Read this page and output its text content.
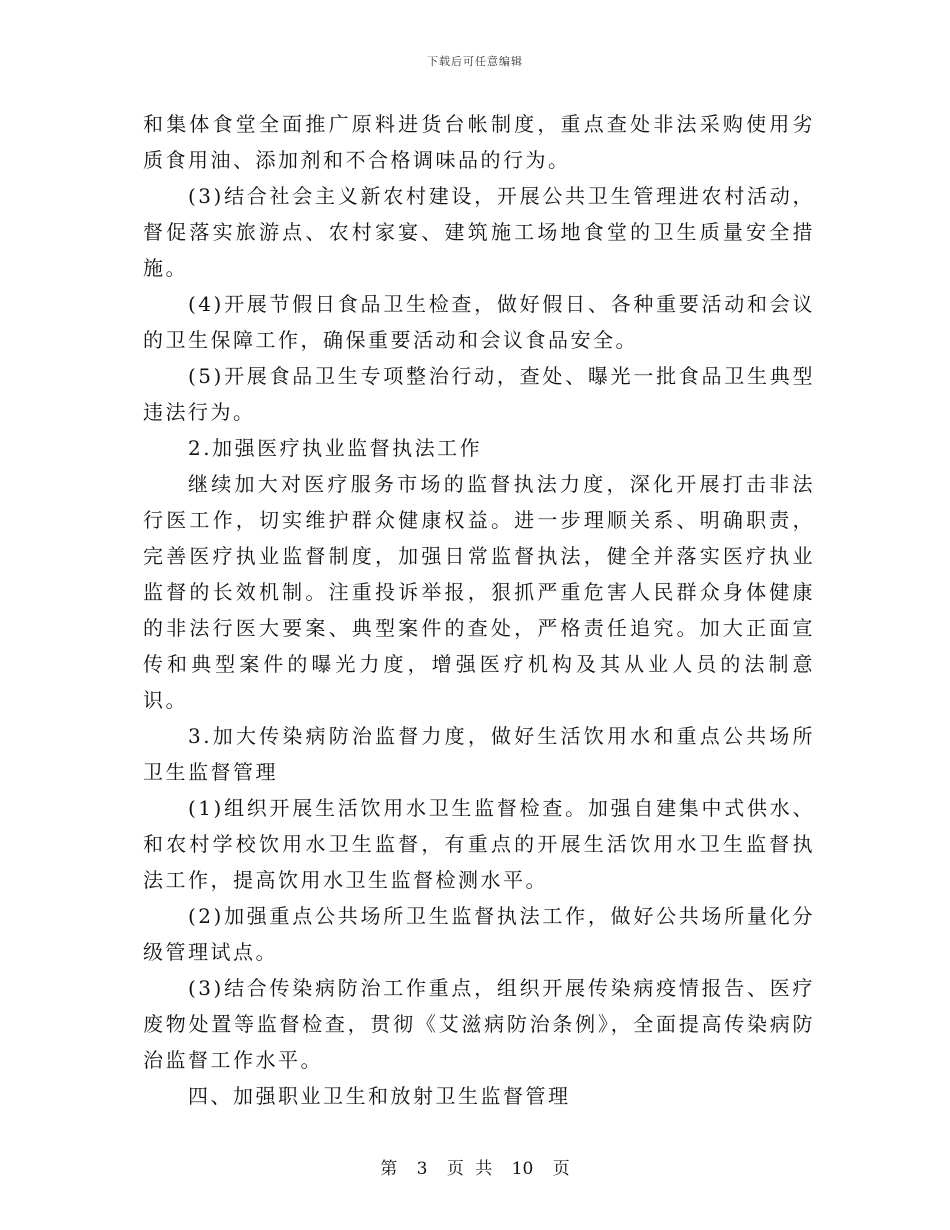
下载后可任意编辑

和集体食堂全面推广原料进货台帐制度，重点查处非法采购使用劣质食用油、添加剂和不合格调味品的行为。

(3)结合社会主义新农村建设，开展公共卫生管理进农村活动，督促落实旅游点、农村家宴、建筑施工场地食堂的卫生质量安全措施。

(4)开展节假日食品卫生检查，做好假日、各种重要活动和会议的卫生保障工作，确保重要活动和会议食品安全。

(5)开展食品卫生专项整治行动，查处、曝光一批食品卫生典型违法行为。

2.加强医疗执业监督执法工作

继续加大对医疗服务市场的监督执法力度，深化开展打击非法行医工作，切实维护群众健康权益。进一步理顺关系、明确职责，完善医疗执业监督制度，加强日常监督执法，健全并落实医疗执业监督的长效机制。注重投诉举报，狠抓严重危害人民群众身体健康的非法行医大要案、典型案件的查处，严格责任追究。加大正面宣传和典型案件的曝光力度，增强医疗机构及其从业人员的法制意识。

3.加大传染病防治监督力度，做好生活饮用水和重点公共场所卫生监督管理

(1)组织开展生活饮用水卫生监督检查。加强自建集中式供水、和农村学校饮用水卫生监督，有重点的开展生活饮用水卫生监督执法工作，提高饮用水卫生监督检测水平。

(2)加强重点公共场所卫生监督执法工作，做好公共场所量化分级管理试点。

(3)结合传染病防治工作重点，组织开展传染病疫情报告、医疗废物处置等监督检查，贯彻《艾滋病防治条例》，全面提高传染病防治监督工作水平。

四、加强职业卫生和放射卫生监督管理

第 3 页 共 10 页
